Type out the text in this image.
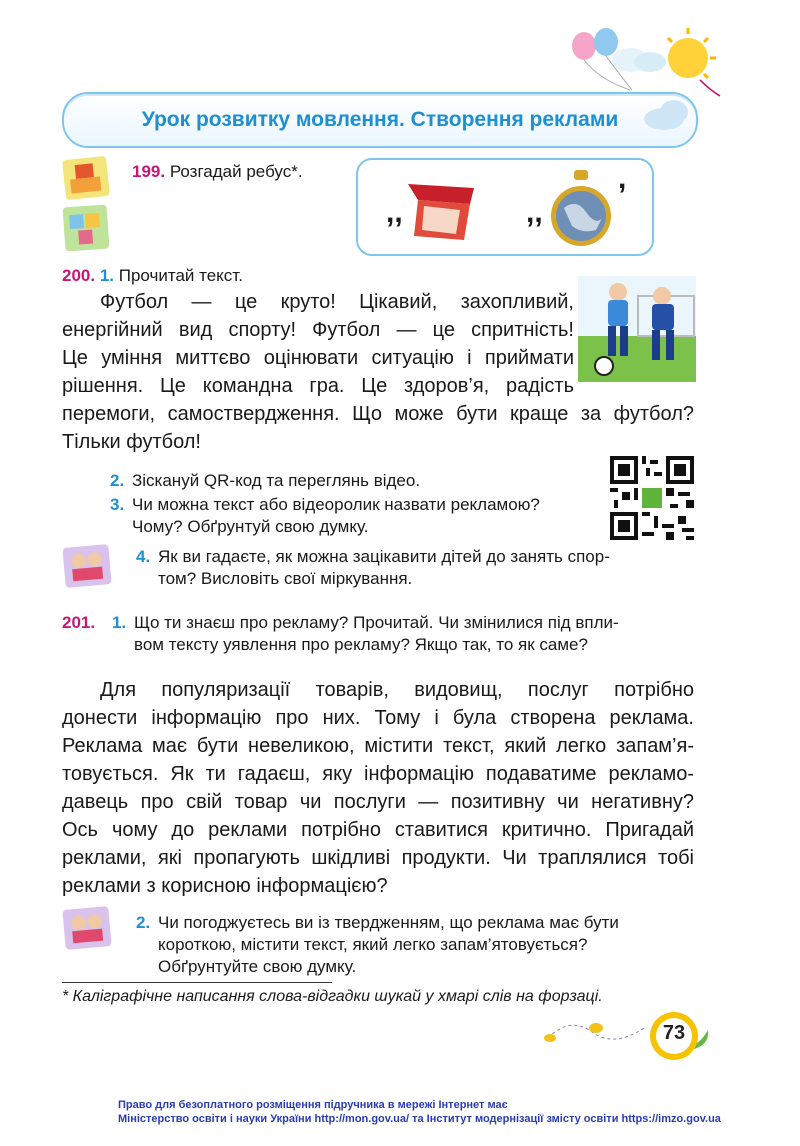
Урок розвитку мовлення. Створення реклами
199. Розгадай ребус*.
,,	,,
,
200. 1. Прочитай текст.
Футбол — це круто! Цікавий, захопливий,
енергійний вид спорту! Футбол — це спритність!
Це уміння миттєво оцінювати ситуацію і приймати
рішення. Це командна гра. Це здоров’я, радість
перемоги, самоствердження. Що може бути краще за футбол?
Тільки футбол!
2. Зіскануй QR-код та переглянь відео.
3. Чи можна текст або відеоролик назвати рекламою?
Чому? Обґрунтуй свою думку.
4. Як ви гадаєте, як можна зацікавити дітей до занять спор-
том? Висловіть свої міркування.
201. 1. Що ти знаєш про рекламу? Прочитай. Чи змінилися під впли-
вом тексту уявлення про рекламу? Якщо так, то як саме?
Для популяризації товарів, видовищ, послуг потрібно
донести інформацію про них. Тому і була створена реклама.
Реклама має бути невеликою, містити текст, який легко запам’я-
товується. Як ти гадаєш, яку інформацію подаватиме рекламо-
давець про свій товар чи послуги — позитивну чи негативну?
Ось чому до реклами потрібно ставитися критично. Пригадай
реклами, які пропагують шкідливі продукти. Чи траплялися тобі
реклами з корисною інформацією?
2. Чи погоджуєтесь ви із твердженням, що реклама має бути
короткою, містити текст, який легко запам’ятовується?
Обґрунтуйте свою думку.
* Каліграфічне написання слова-відгадки шукай у хмарі слів на форзаці.
73
Право для безоплатного розміщення підручника в мережі Інтернет має
Міністерство освіти і науки України http://mon.gov.ua/ та Інститут модернізації змісту освіти https://imzo.gov.ua
